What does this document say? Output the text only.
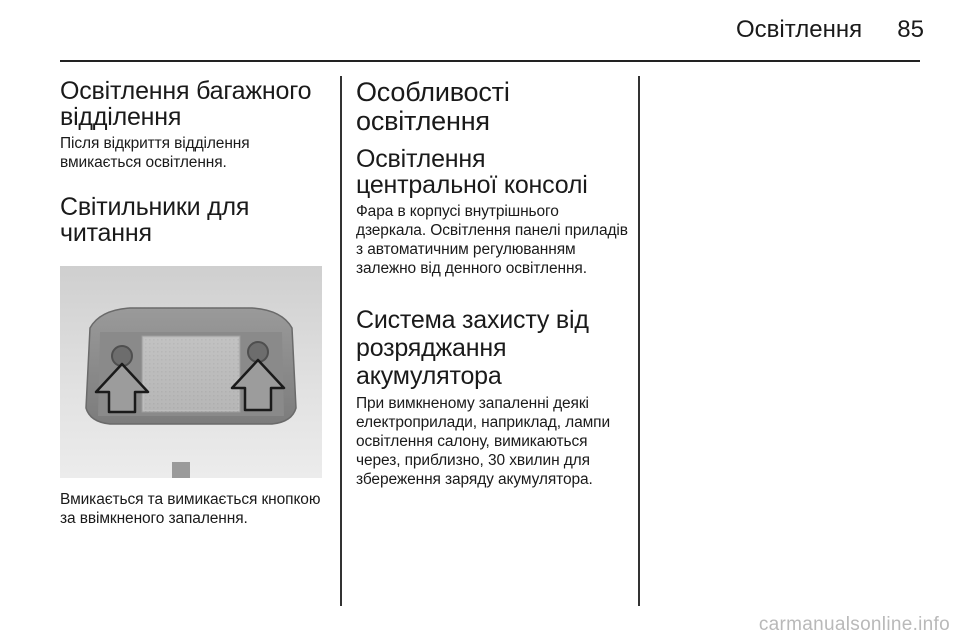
Освітлення	85
Освітлення багажного відділення

Після відкриття відділення вмикається освітлення.

Світильники для читання

Вмикається та вимикається кнопкою за ввімкненого запалення.

Особливості освітлення
Освітлення центральної консолі

Фара в корпусі внутрішнього дзеркала. Освітлення панелі приладів з автоматичним регулюванням залежно від денного освітлення.

Система захисту від розряджання акумулятора

При вимкненому запаленні деякі електроприлади, наприклад, лампи освітлення салону, вимикаються через, приблизно, 30 хвилин для збереження заряду акумулятора.

carmanualsonline.info
